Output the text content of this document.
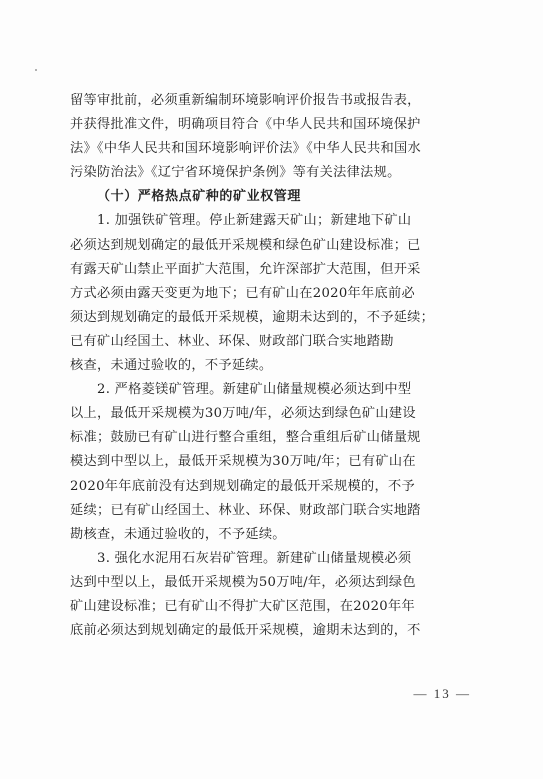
留等审批前，必须重新编制环境影响评价报告书或报告表，
并获得批准文件，明确项目符合《中华人民共和国环境保护
法》《中华人民共和国环境影响评价法》《中华人民共和国水
污染防治法》《辽宁省环境保护条例》等有关法律法规。
（十）严格热点矿种的矿业权管理
1. 加强铁矿管理。停止新建露天矿山；新建地下矿山
必须达到规划确定的最低开采规模和绿色矿山建设标准；已
有露天矿山禁止平面扩大范围，允许深部扩大范围，但开采
方式必须由露天变更为地下；已有矿山在2020年年底前必
须达到规划确定的最低开采规模，逾期未达到的，不予延续；
已有矿山经国土、林业、环保、财政部门联合实地踏勘
核查，未通过验收的，不予延续。
2. 严格菱镁矿管理。新建矿山储量规模必须达到中型
以上，最低开采规模为30万吨/年，必须达到绿色矿山建设
标准；鼓励已有矿山进行整合重组，整合重组后矿山储量规
模达到中型以上，最低开采规模为30万吨/年；已有矿山在
2020年年底前没有达到规划确定的最低开采规模的，不予
延续；已有矿山经国土、林业、环保、财政部门联合实地踏
勘核查，未通过验收的，不予延续。
3. 强化水泥用石灰岩矿管理。新建矿山储量规模必须
达到中型以上，最低开采规模为50万吨/年，必须达到绿色
矿山建设标准；已有矿山不得扩大矿区范围，在2020年年
底前必须达到规划确定的最低开采规模，逾期未达到的，不
— 13 —
